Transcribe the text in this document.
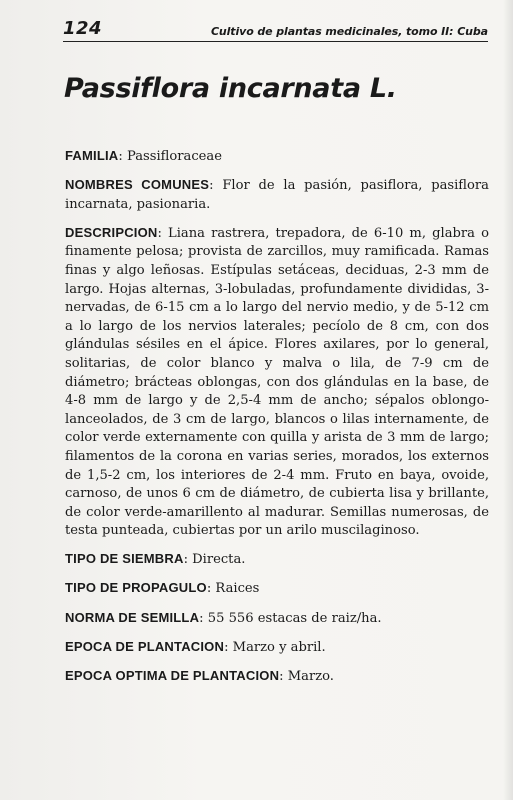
124	Cultivo de plantas medicinales, tomo II: Cuba
Passiflora incarnata L.

FAMILIA: Passifloraceae

NOMBRES COMUNES: Flor de la pasión, pasiflora, pasiflora incarnata, pasionaria.

DESCRIPCION: Liana rastrera, trepadora, de 6-10 m, glabra o finamente pelosa; provista de zarcillos, muy ramificada. Ramas finas y algo leñosas. Estípulas setáceas, deciduas, 2-3 mm de largo. Hojas alternas, 3-lobuladas, profundamente divididas, 3-nervadas, de 6-15 cm a lo largo del nervio medio, y de 5-12 cm a lo largo de los nervios laterales; pecíolo de 8 cm, con dos glándulas sésiles en el ápice. Flores axilares, por lo general, solitarias, de color blanco y malva o lila, de 7-9 cm de diámetro; brácteas oblongas, con dos glándulas en la base, de 4-8 mm de largo y de 2,5-4 mm de ancho; sépalos oblongo-lanceolados, de 3 cm de largo, blancos o lilas internamente, de color verde externamente con quilla y arista de 3 mm de largo; filamentos de la corona en varias series, morados, los externos de 1,5-2 cm, los interiores de 2-4 mm. Fruto en baya, ovoide, carnoso, de unos 6 cm de diámetro, de cubierta lisa y brillante, de color verde-amarillento al madurar. Semillas numerosas, de testa punteada, cubiertas por un arilo muscilaginoso.

TIPO DE SIEMBRA: Directa.

TIPO DE PROPAGULO: Raices

NORMA DE SEMILLA: 55 556 estacas de raiz/ha.

EPOCA DE PLANTACION: Marzo y abril.

EPOCA OPTIMA DE PLANTACION: Marzo.
